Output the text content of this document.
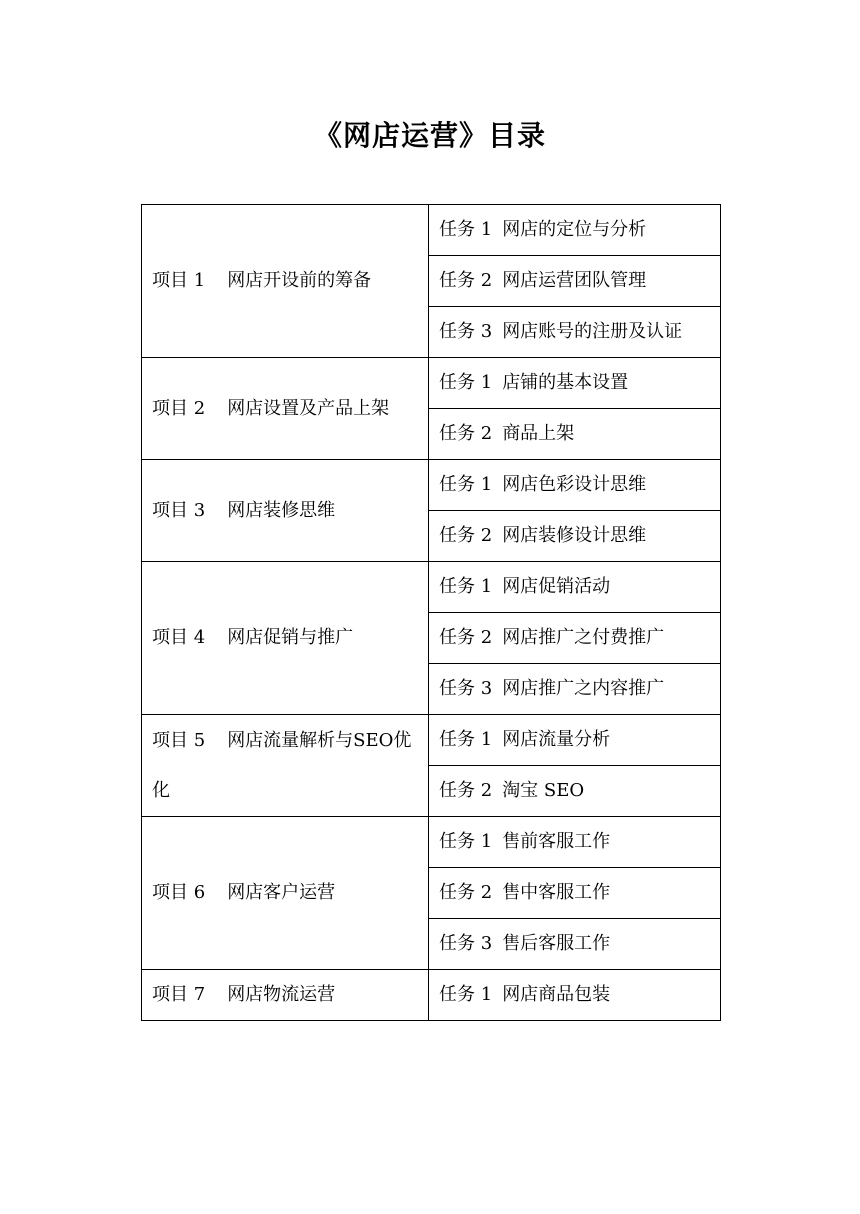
《网店运营》目录
项目 1 网店开设前的筹备	任务 1 网店的定位与分析
	任务 2 网店运营团队管理
	任务 3 网店账号的注册及认证
项目 2 网店设置及产品上架	任务 1 店铺的基本设置
	任务 2 商品上架
项目 3 网店装修思维	任务 1 网店色彩设计思维
	任务 2 网店装修设计思维
项目 4 网店促销与推广	任务 1 网店促销活动
	任务 2 网店推广之付费推广
	任务 3 网店推广之内容推广
项目 5 网店流量解析与SEO优化	任务 1 网店流量分析
	任务 2 淘宝 SEO
项目 6 网店客户运营	任务 1 售前客服工作
	任务 2 售中客服工作
	任务 3 售后客服工作
项目 7 网店物流运营	任务 1 网店商品包装
